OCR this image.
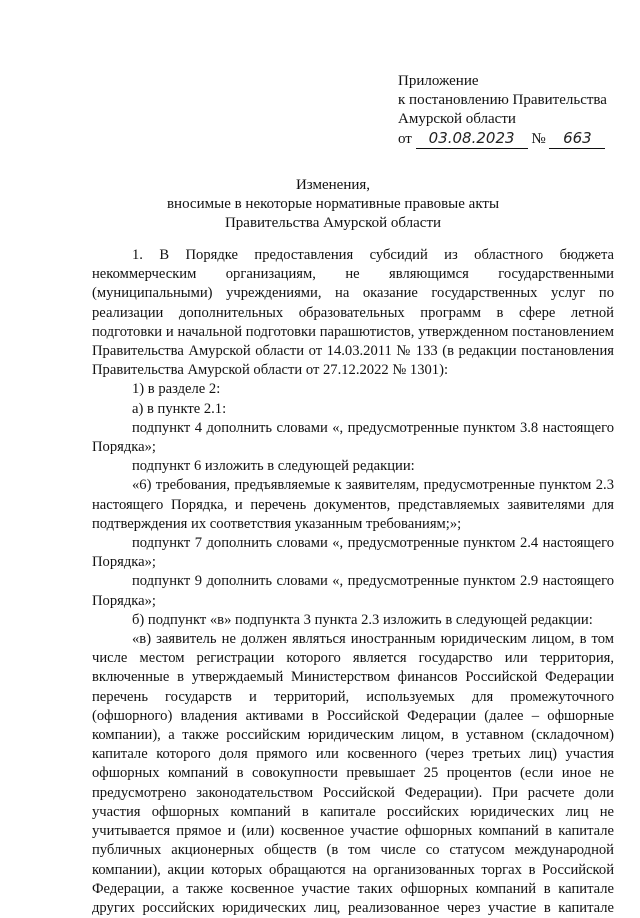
Приложение
к постановлению Правительства
Амурской области
от 03.08.2023 № 663
Изменения,
вносимые в некоторые нормативные правовые акты
Правительства Амурской области

1. В Порядке предоставления субсидий из областного бюджета некоммерческим организациям, не являющимся государственными (муниципальными) учреждениями, на оказание государственных услуг по реализации дополнительных образовательных программ в сфере летной подготовки и начальной подготовки парашютистов, утвержденном постановлением Правительства Амурской области от 14.03.2011 № 133 (в редакции постановления Правительства Амурской области от 27.12.2022 № 1301):

1) в разделе 2:

а) в пункте 2.1:

подпункт 4 дополнить словами «, предусмотренные пунктом 3.8 настоящего Порядка»;

подпункт 6 изложить в следующей редакции:

«6) требования, предъявляемые к заявителям, предусмотренные пунктом 2.3 настоящего Порядка, и перечень документов, представляемых заявителями для подтверждения их соответствия указанным требованиям;»;

подпункт 7 дополнить словами «, предусмотренные пунктом 2.4 настоящего Порядка»;

подпункт 9 дополнить словами «, предусмотренные пунктом 2.9 настоящего Порядка»;

б) подпункт «в» подпункта 3 пункта 2.3 изложить в следующей редакции:

«в) заявитель не должен являться иностранным юридическим лицом, в том числе местом регистрации которого является государство или территория, включенные в утверждаемый Министерством финансов Российской Федерации перечень государств и территорий, используемых для промежуточного (офшорного) владения активами в Российской Федерации (далее – офшорные компании), а также российским юридическим лицом, в уставном (складочном) капитале которого доля прямого или косвенного (через третьих лиц) участия офшорных компаний в совокупности превышает 25 процентов (если иное не предусмотрено законодательством Российской Федерации). При расчете доли участия офшорных компаний в капитале российских юридических лиц не учитывается прямое и (или) косвенное участие офшорных компаний в капитале публичных акционерных обществ (в том числе со статусом международной компании), акции которых обращаются на организованных торгах в Российской Федерации, а также косвенное участие таких офшорных компаний в капитале других российских юридических лиц, реализованное через участие в капитале
